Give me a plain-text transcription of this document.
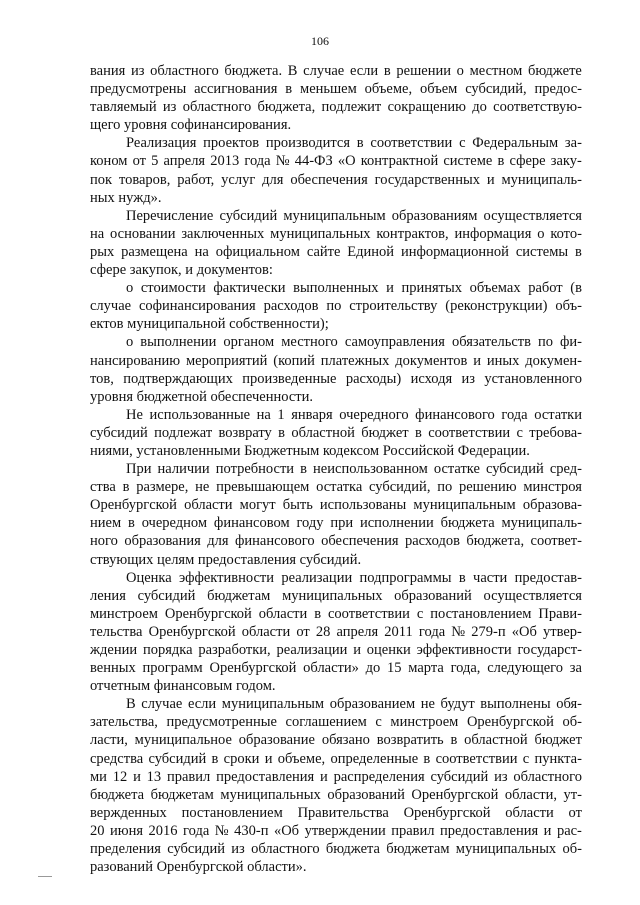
106
вания из областного бюджета. В случае если в решении о местном бюджете
предусмотрены ассигнования в меньшем объеме, объем субсидий, предос-
тавляемый из областного бюджета, подлежит сокращению до соответствую-
щего уровня софинансирования.
Реализация проектов производится в соответствии с Федеральным за-
коном от 5 апреля 2013 года № 44-ФЗ «О контрактной системе в сфере заку-
пок товаров, работ, услуг для обеспечения государственных и муниципаль-
ных нужд».
Перечисление субсидий муниципальным образованиям осуществляется
на основании заключенных муниципальных контрактов, информация о кото-
рых размещена на официальном сайте Единой информационной системы в
сфере закупок, и документов:
о стоимости фактически выполненных и принятых объемах работ (в
случае софинансирования расходов по строительству (реконструкции) объ-
ектов муниципальной собственности);
о выполнении органом местного самоуправления обязательств по фи-
нансированию мероприятий (копий платежных документов и иных докумен-
тов, подтверждающих произведенные расходы) исходя из установленного
уровня бюджетной обеспеченности.
Не использованные на 1 января очередного финансового года остатки
субсидий подлежат возврату в областной бюджет в соответствии с требова-
ниями, установленными Бюджетным кодексом Российской Федерации.
При наличии потребности в неиспользованном остатке субсидий сред-
ства в размере, не превышающем остатка субсидий, по решению минстроя
Оренбургской области могут быть использованы муниципальным образова-
нием в очередном финансовом году при исполнении бюджета муниципаль-
ного образования для финансового обеспечения расходов бюджета, соответ-
ствующих целям предоставления субсидий.
Оценка эффективности реализации подпрограммы в части предостав-
ления субсидий бюджетам муниципальных образований осуществляется
минстроем Оренбургской области в соответствии с постановлением Прави-
тельства Оренбургской области от 28 апреля 2011 года № 279-п «Об утвер-
ждении порядка разработки, реализации и оценки эффективности государст-
венных программ Оренбургской области» до 15 марта года, следующего за
отчетным финансовым годом.
В случае если муниципальным образованием не будут выполнены обя-
зательства, предусмотренные соглашением с минстроем Оренбургской об-
ласти, муниципальное образование обязано возвратить в областной бюджет
средства субсидий в сроки и объеме, определенные в соответствии с пункта-
ми 12 и 13 правил предоставления и распределения субсидий из областного
бюджета бюджетам муниципальных образований Оренбургской области, ут-
вержденных постановлением Правительства Оренбургской области от
20 июня 2016 года № 430-п «Об утверждении правил предоставления и рас-
пределения субсидий из областного бюджета бюджетам муниципальных об-
разований Оренбургской области».
